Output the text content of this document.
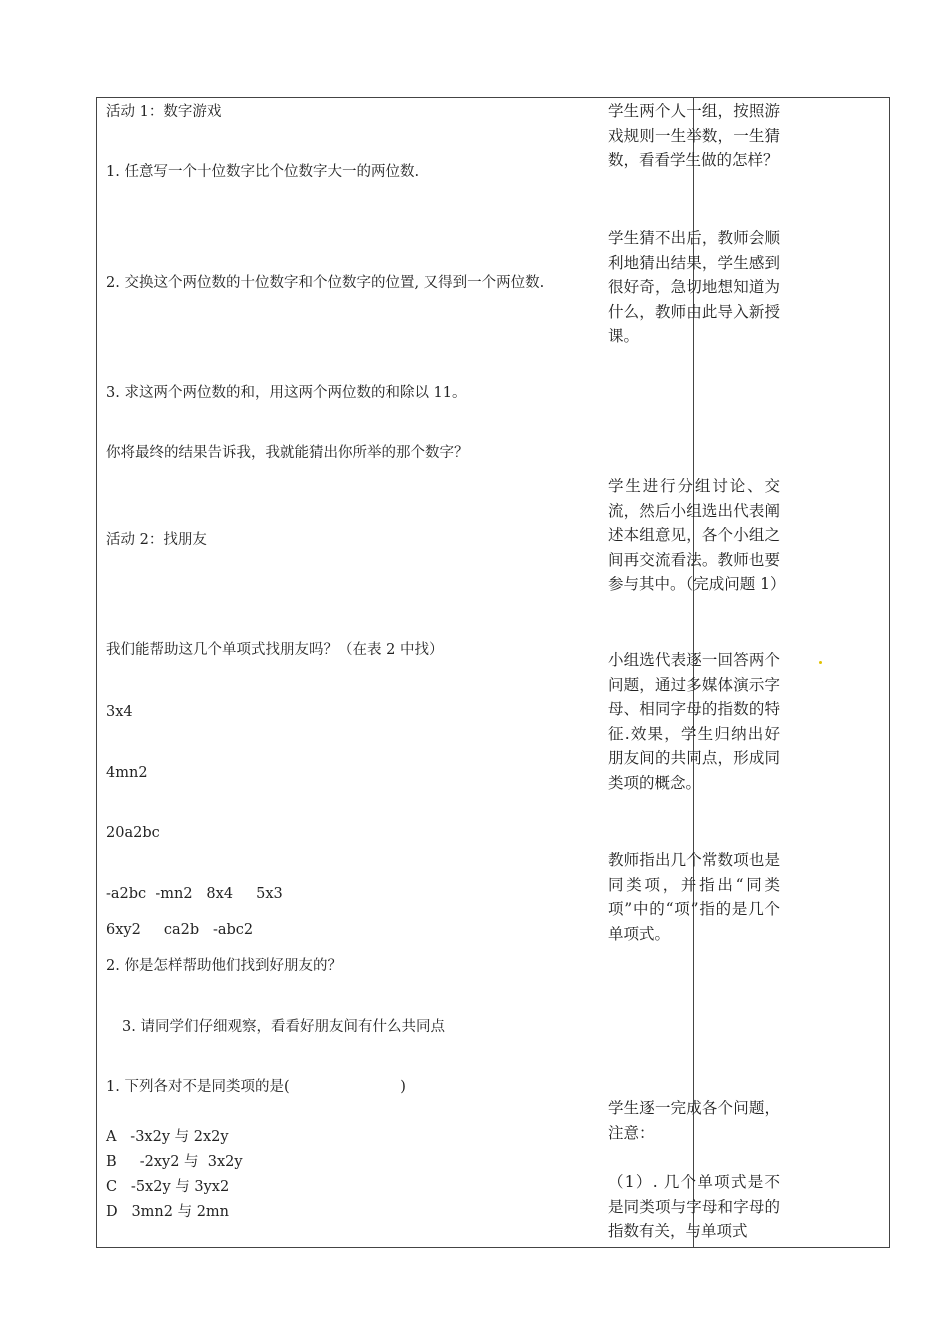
活动 1：数字游戏
1. 任意写一个十位数字比个位数字大一的两位数.
2. 交换这个两位数的十位数字和个位数字的位置, 又得到一个两位数.
3. 求这两个两位数的和，用这两个两位数的和除以 11。
你将最终的结果告诉我，我就能猜出你所举的那个数字？
活动 2：找朋友
我们能帮助这几个单项式找朋友吗？（在表 2 中找）
3x4
4mn2
20a2bc
-a2bc  -mn2   8x4     5x3
6xy2     ca2b   -abc2
2. 你是怎样帮助他们找到好朋友的？
3. 请同学们仔细观察，看看好朋友间有什么共同点
1. 下列各对不是同类项的是(                        )
A   -3x2y 与 2x2y
B     -2xy2 与  3x2y
C   -5x2y 与 3yx2
D   3mn2 与 2mn
学生两个人一组，按照游戏规则一生举数，一生猜数，看看学生做的怎样？
学生猜不出后，教师会顺利地猜出结果，学生感到很好奇，急切地想知道为什么，教师由此导入新授课。
学生进行分组讨论、交流，然后小组选出代表阐述本组意见，各个小组之间再交流看法。教师也要参与其中。（完成问题 1）
小组选代表逐一回答两个问题，通过多媒体演示字母、相同字母的指数的特征.效果，学生归纳出好朋友间的共同点，形成同类项的概念。
教师指出几个常数项也是同类项，并指出“同类项”中的“项”指的是几个单项式。
学生逐一完成各个问题，注意：
（1）. 几个单项式是不是同类项与字母和字母的指数有关，与单项式
